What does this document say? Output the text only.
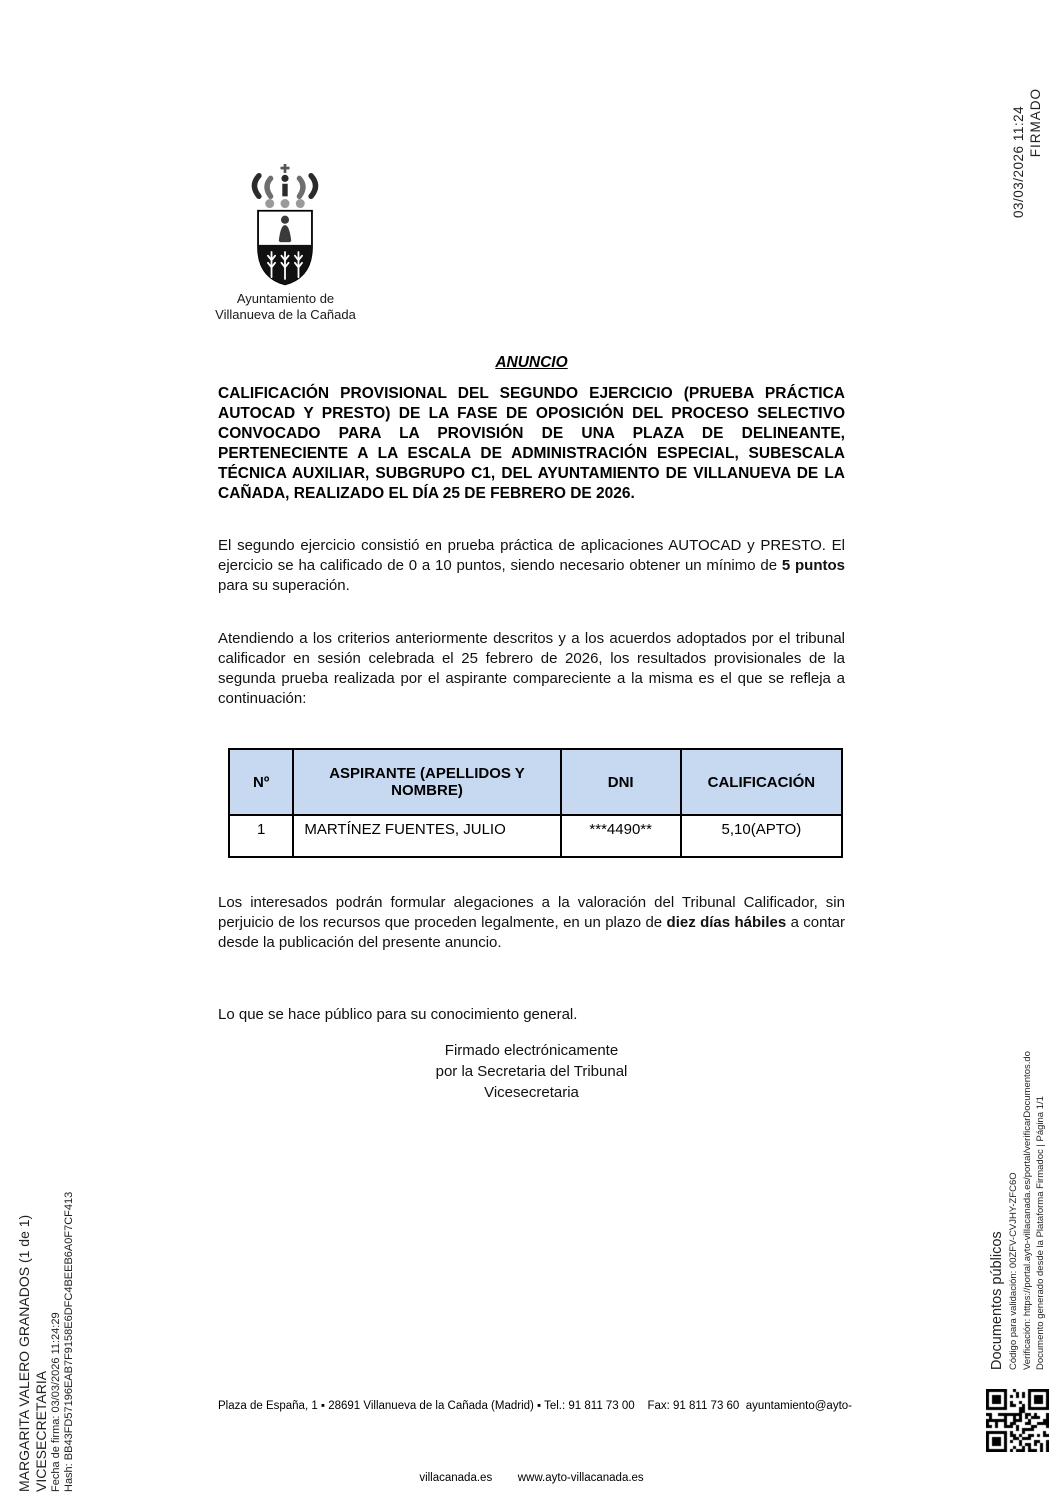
Ayuntamiento de
Villanueva de la Cañada
ANUNCIO
CALIFICACIÓN PROVISIONAL DEL SEGUNDO EJERCICIO (PRUEBA PRÁCTICA AUTOCAD Y PRESTO) DE LA FASE DE OPOSICIÓN DEL PROCESO SELECTIVO CONVOCADO PARA LA PROVISIÓN DE UNA PLAZA DE DELINEANTE, PERTENECIENTE A LA ESCALA DE ADMINISTRACIÓN ESPECIAL, SUBESCALA TÉCNICA AUXILIAR, SUBGRUPO C1, DEL AYUNTAMIENTO DE VILLANUEVA DE LA CAÑADA, REALIZADO EL DÍA 25 DE FEBRERO DE 2026.
El segundo ejercicio consistió en prueba práctica de aplicaciones AUTOCAD y PRESTO. El ejercicio se ha calificado de 0 a 10 puntos, siendo necesario obtener un mínimo de 5 puntos para su superación.
Atendiendo a los criterios anteriormente descritos y a los acuerdos adoptados por el tribunal calificador en sesión celebrada el 25 febrero de 2026, los resultados provisionales de la segunda prueba realizada por el aspirante compareciente a la misma es el que se refleja a continuación:
Nº	ASPIRANTE (APELLIDOS Y NOMBRE)	DNI	CALIFICACIÓN
1	MARTÍNEZ FUENTES, JULIO	***4490**	5,10(APTO)
Los interesados podrán formular alegaciones a la valoración del Tribunal Calificador, sin perjuicio de los recursos que proceden legalmente, en un plazo de diez días hábiles a contar desde la publicación del presente anuncio.
Lo que se hace público para su conocimiento general.
Firmado electrónicamente
por la Secretaria del Tribunal
Vicesecretaria

Plaza de España, 1 ▪ 28691 Villanueva de la Cañada (Madrid) ▪ Tel.: 91 811 73 00    Fax: 91 811 73 60  ayuntamiento@ayto-

villacanada.es        www.ayto-villacanada.es

03/03/2026 11:24 FIRMADO
MARGARITA VALERO GRANADOS (1 de 1) VICESECRETARIA Fecha de firma: 03/03/2026 11:24:29 Hash: BB43FD57196EAB7F9158E6DFC4BEEB6A0F7CF413	Documentos públicos Código para validación: 00ZFV-CVJHY-ZFC6O Verificación: https://portal.ayto-villacanada.es/portal/verificarDocumentos.do Documento generado desde la Plataforma Firmadoc | Página 1/1
